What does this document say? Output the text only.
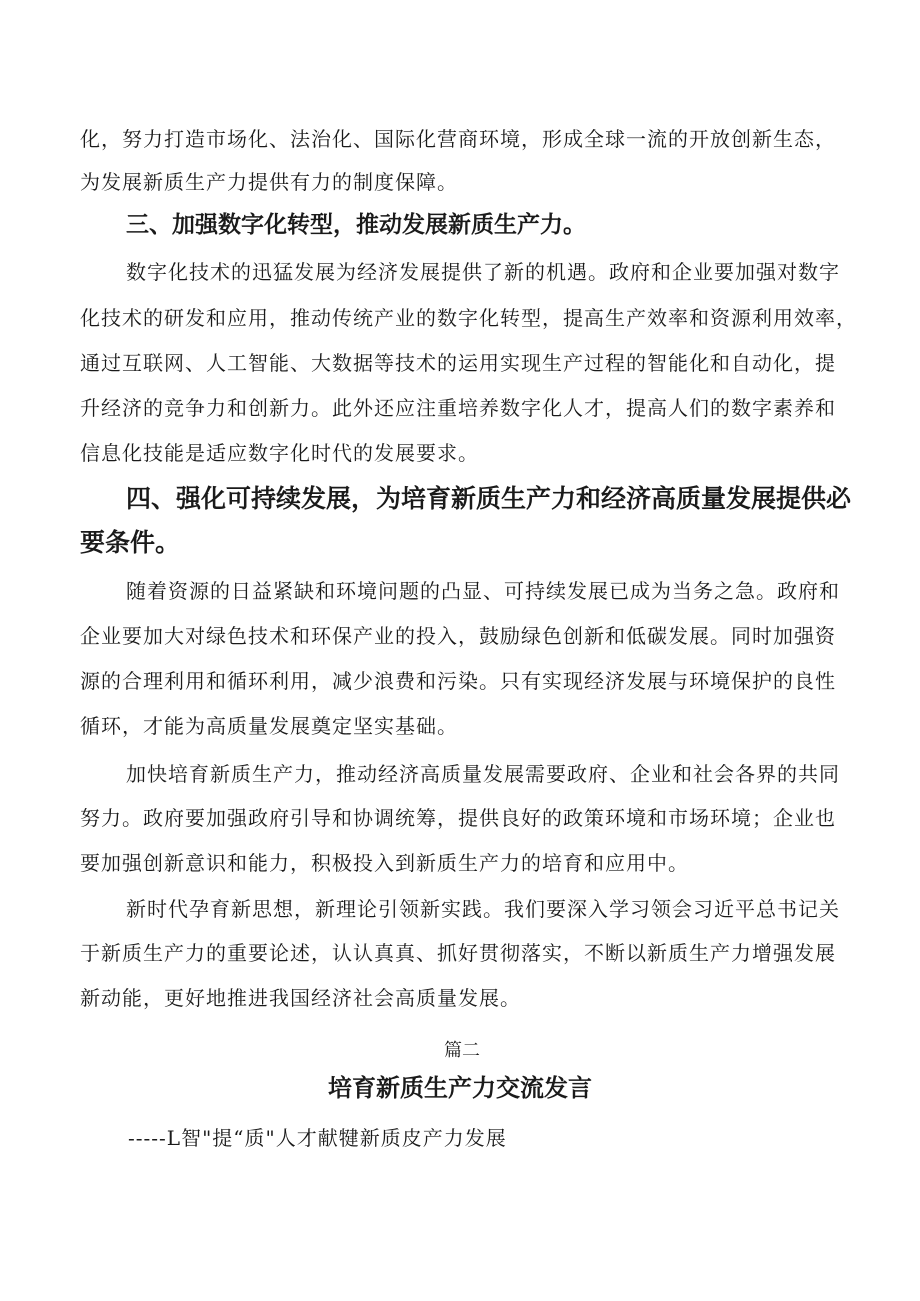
化，努力打造市场化、法治化、国际化营商环境，形成全球一流的开放创新生态，

为发展新质生产力提供有力的制度保障。

三、加强数字化转型，推动发展新质生产力。

数字化技术的迅猛发展为经济发展提供了新的机遇。政府和企业要加强对数字

化技术的研发和应用，推动传统产业的数字化转型，提高生产效率和资源利用效率，

通过互联网、人工智能、大数据等技术的运用实现生产过程的智能化和自动化，提

升经济的竞争力和创新力。此外还应注重培养数字化人才，提高人们的数字素养和

信息化技能是适应数字化时代的发展要求。

四、强化可持续发展，为培育新质生产力和经济高质量发展提供必
要条件。

随着资源的日益紧缺和环境问题的凸显、可持续发展已成为当务之急。政府和

企业要加大对绿色技术和环保产业的投入，鼓励绿色创新和低碳发展。同时加强资

源的合理利用和循环利用，减少浪费和污染。只有实现经济发展与环境保护的良性

循环，才能为高质量发展奠定坚实基础。

加快培育新质生产力，推动经济高质量发展需要政府、企业和社会各界的共同

努力。政府要加强政府引导和协调统筹，提供良好的政策环境和市场环境；企业也

要加强创新意识和能力，积极投入到新质生产力的培育和应用中。

新时代孕育新思想，新理论引领新实践。我们要深入学习领会习近平总书记关

于新质生产力的重要论述，认认真真、抓好贯彻落实，不断以新质生产力增强发展

新动能，更好地推进我国经济社会高质量发展。

篇二
培育新质生产力交流发言

-----L智"提“质"人才献犍新质皮产力发展
